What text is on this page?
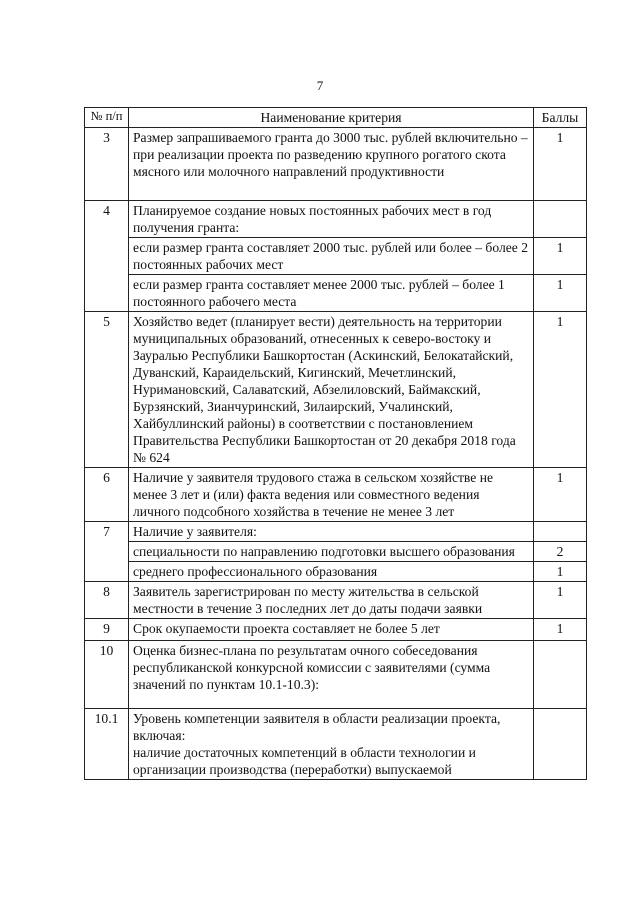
7
№ п/п	Наименование критерия	Баллы
3	Размер запрашиваемого гранта до 3000 тыс. рублей включительно – при реализации проекта по разведению крупного рогатого скота мясного или молочного направлений продуктивности	1
4	Планируемое создание новых постоянных рабочих мест в год получения гранта:	
	если размер гранта составляет 2000 тыс. рублей или более – более 2 постоянных рабочих мест	1
	если размер гранта составляет менее 2000 тыс. рублей – более 1 постоянного рабочего места	1
5	Хозяйство ведет (планирует вести) деятельность на территории муниципальных образований, отнесенных к северо-востоку и Зауралью Республики Башкортостан (Аскинский, Белокатайский, Дуванский, Караидельский, Кигинский, Мечетлинский, Нуримановский, Салаватский, Абзелиловский, Баймакский, Бурзянский, Зианчуринский, Зилаирский, Учалинский, Хайбуллинский районы) в соответствии с постановлением Правительства Республики Башкортостан от 20 декабря 2018 года № 624	1
6	Наличие у заявителя трудового стажа в сельском хозяйстве не менее 3 лет и (или) факта ведения или совместного ведения личного подсобного хозяйства в течение не менее 3 лет	1
7	Наличие у заявителя:	
	специальности по направлению подготовки высшего образования	2
	среднего профессионального образования	1
8	Заявитель зарегистрирован по месту жительства в сельской местности в течение 3 последних лет до даты подачи заявки	1
9	Срок окупаемости проекта составляет не более 5 лет	1
10	Оценка бизнес-плана по результатам очного собеседования республиканской конкурсной комиссии с заявителями (сумма значений по пунктам 10.1-10.3):	
10.1	Уровень компетенции заявителя в области реализации проекта, включая:
наличие достаточных компетенций в области технологии и организации производства (переработки) выпускаемой	
